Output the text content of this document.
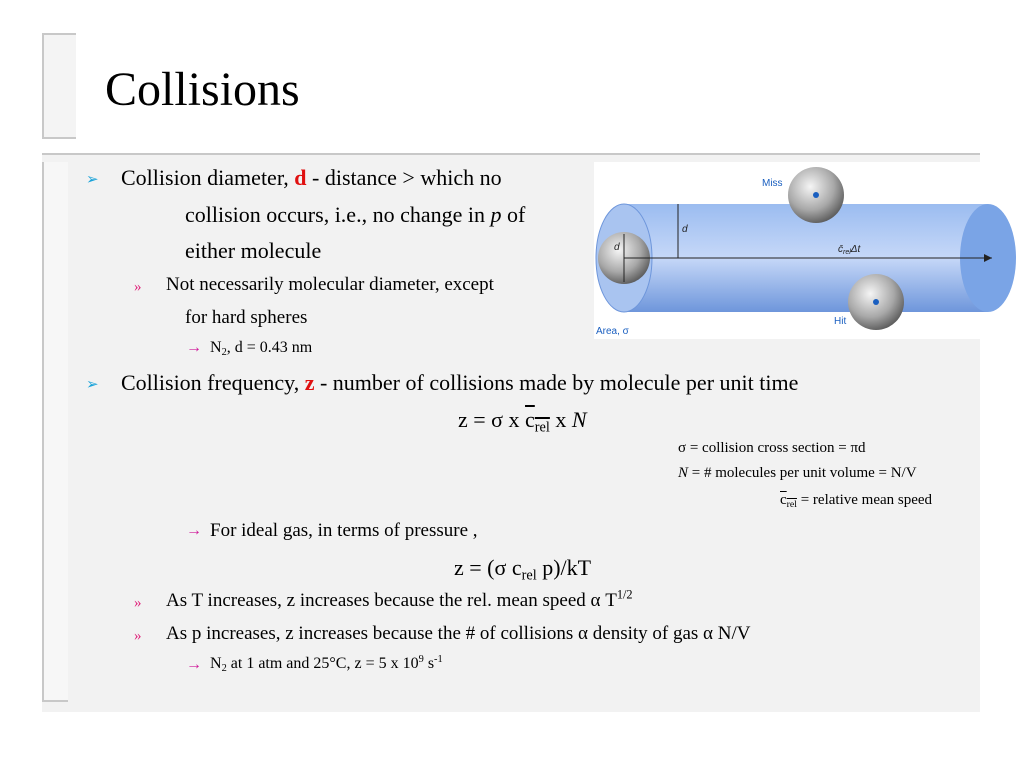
Collisions
➢ Collision diameter, d - distance > which no
collision occurs, i.e., no change in p of
either molecule
» Not necessarily molecular diameter, except
for hard spheres
→ $N_2$, d = 0.43 nm
➢ Collision frequency, z - number of collisions made by molecule per unit time
z = σ x $c_{rel}$ x N
σ = collision cross section = πd
N = # molecules per unit volume = N/V
$c_{rel}$ = relative mean speed
→ For ideal gas, in terms of pressure ,
z = (σ $c_{rel}$ p)/kT
» As T increases, z increases because the rel. mean speed α $T^{1/2}$
» As p increases, z increases because the # of collisions α density of gas α N/V
→ $N_2$ at 1 atm and 25°C, z = 5 x $10^9$ $s^{-1}$
Miss
Hit
d
d
$c̄_{rel}\Delta t$
Area, σ
